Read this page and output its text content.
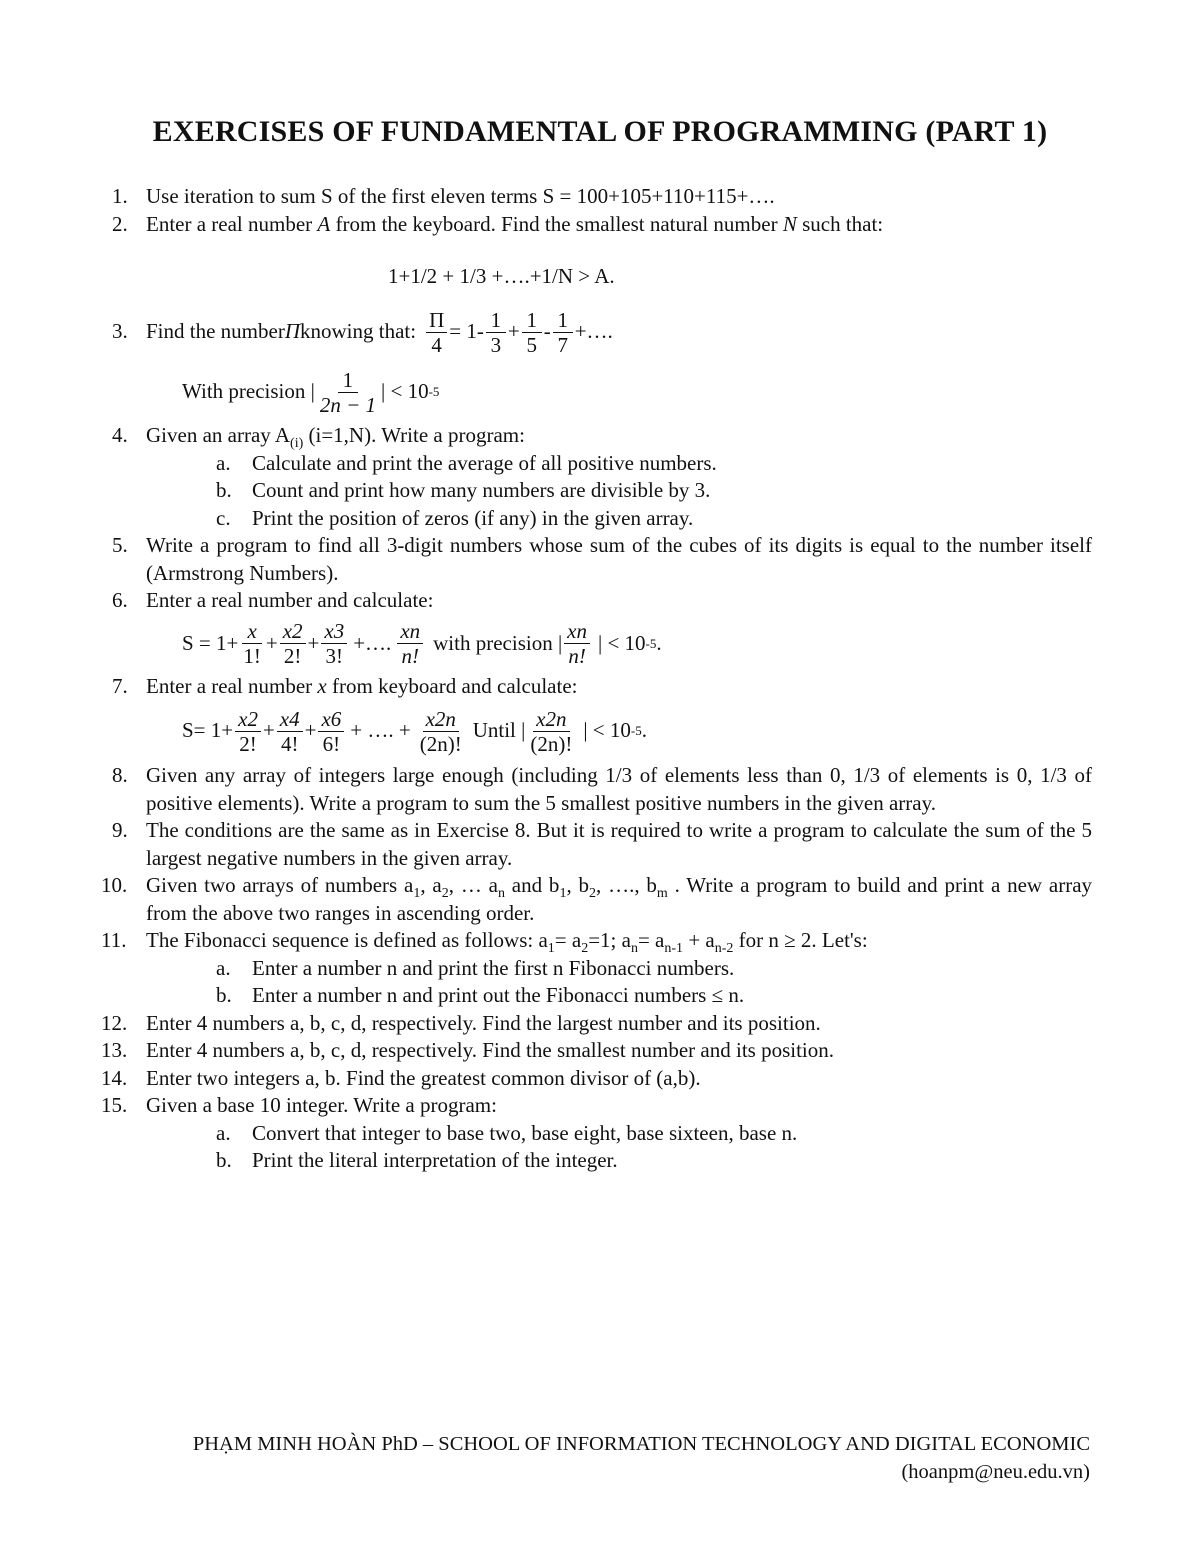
EXERCISES OF FUNDAMENTAL OF PROGRAMMING (PART 1)
1. Use iteration to sum S of the first eleven terms S = 100+105+110+115+….
2. Enter a real number A from the keyboard. Find the smallest natural number N such that:
1+1/2 + 1/3 +….+1/N > A.
3. Find the number Π knowing that: $\frac{\Pi}{4} = 1- \frac{1}{3} + \frac{1}{5} - \frac{1}{7}$ +….
With precision | $\frac{1}{2n - 1}$ | < 10 -5
4. Given an array $A_{(i)}$ (i=1,N). Write a program:
a. Calculate and print the average of all positive numbers.
b. Count and print how many numbers are divisible by 3.
c. Print the position of zeros (if any) in the given array.
5. Write a program to find all 3-digit numbers whose sum of the cubes of its digits is equal to the number itself (Armstrong Numbers).
6. Enter a real number and calculate:
$S = 1+ \frac{x}{1!} + \frac{x2}{2!} + \frac{x3}{3!}$ +…. $\frac{xn}{n!}$ with precision | $\frac{xn}{n!}$ | < 10 -5 .
7. Enter a real number x from keyboard and calculate:
$S= 1+ \frac{x2}{2!} + \frac{x4}{4!} + \frac{x6}{6!}$ + …. + $\frac{x2n}{(2n)!}$ Until | $\frac{x2n}{(2n)!}$ | < 10 -5 .
8. Given any array of integers large enough (including 1/3 of elements less than 0, 1/3 of elements is 0, 1/3 of positive elements). Write a program to sum the 5 smallest positive numbers in the given array.
9. The conditions are the same as in Exercise 8. But it is required to write a program to calculate the sum of the 5 largest negative numbers in the given array.
10. Given two arrays of numbers $a_1$, $a_2$, … $a_n$ and $b_1$, $b_2$, …., $b_m$ . Write a program to build and print a new array from the above two ranges in ascending order.
11. The Fibonacci sequence is defined as follows: $a_1= a_2=1$; $a_n= a_{n-1} + a_{n-2}$ for n ≥ 2. Let's:
a. Enter a number n and print the first n Fibonacci numbers.
b. Enter a number n and print out the Fibonacci numbers ≤ n.
12. Enter 4 numbers a, b, c, d, respectively. Find the largest number and its position.
13. Enter 4 numbers a, b, c, d, respectively. Find the smallest number and its position.
14. Enter two integers a, b. Find the greatest common divisor of (a,b).
15. Given a base 10 integer. Write a program:
a. Convert that integer to base two, base eight, base sixteen, base n.
b. Print the literal interpretation of the integer.
PHẠM MINH HOÀN PhD – SCHOOL OF INFORMATION TECHNOLOGY AND DIGITAL ECONOMIC
(hoanpm@neu.edu.vn)
